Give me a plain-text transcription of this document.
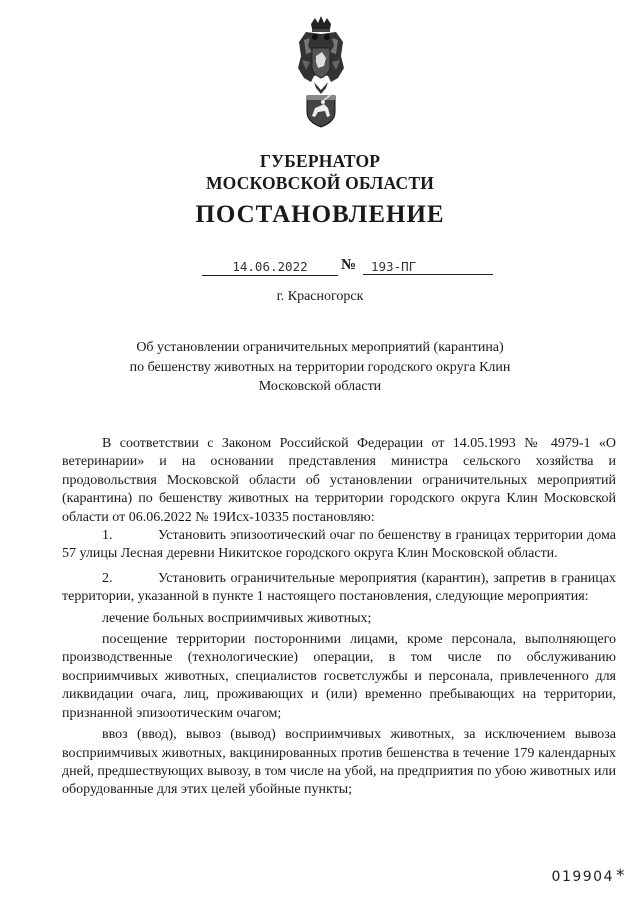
ГУБЕРНАТОР
МОСКОВСКОЙ ОБЛАСТИ
ПОСТАНОВЛЕНИЕ
14.06.2022	№	193-ПГ
г. Красногорск
Об установлении ограничительных мероприятий (карантина)
по бешенству животных на территории городского округа Клин
Московской области

В соответствии с Законом Российской Федерации от 14.05.1993 № 4979-1 «О ветеринарии» и на основании представления министра сельского хозяйства и продовольствия Московской области об установлении ограничительных мероприятий (карантина) по бешенству животных на территории городского округа Клин Московской области от 06.06.2022 № 19Исх-10335 постановляю:

1.	Установить эпизоотический очаг по бешенству в границах территории дома 57 улицы Лесная деревни Никитское городского округа Клин Московской области.

2.	Установить ограничительные мероприятия (карантин), запретив в границах территории, указанной в пункте 1 настоящего постановления, следующие мероприятия:

лечение больных восприимчивых животных;

посещение территории посторонними лицами, кроме персонала, выполняющего производственные (технологические) операции, в том числе по обслуживанию восприимчивых животных, специалистов госветслужбы и персонала, привлеченного для ликвидации очага, лиц, проживающих и (или) временно пребывающих на территории, признанной эпизоотическим очагом;

ввоз (ввод), вывоз (вывод) восприимчивых животных, за исключением вывоза восприимчивых животных, вакцинированных против бешенства в течение 179 календарных дней, предшествующих вывозу, в том числе на убой, на предприятия по убою животных или оборудованные для этих целей убойные пункты;

019904 *
